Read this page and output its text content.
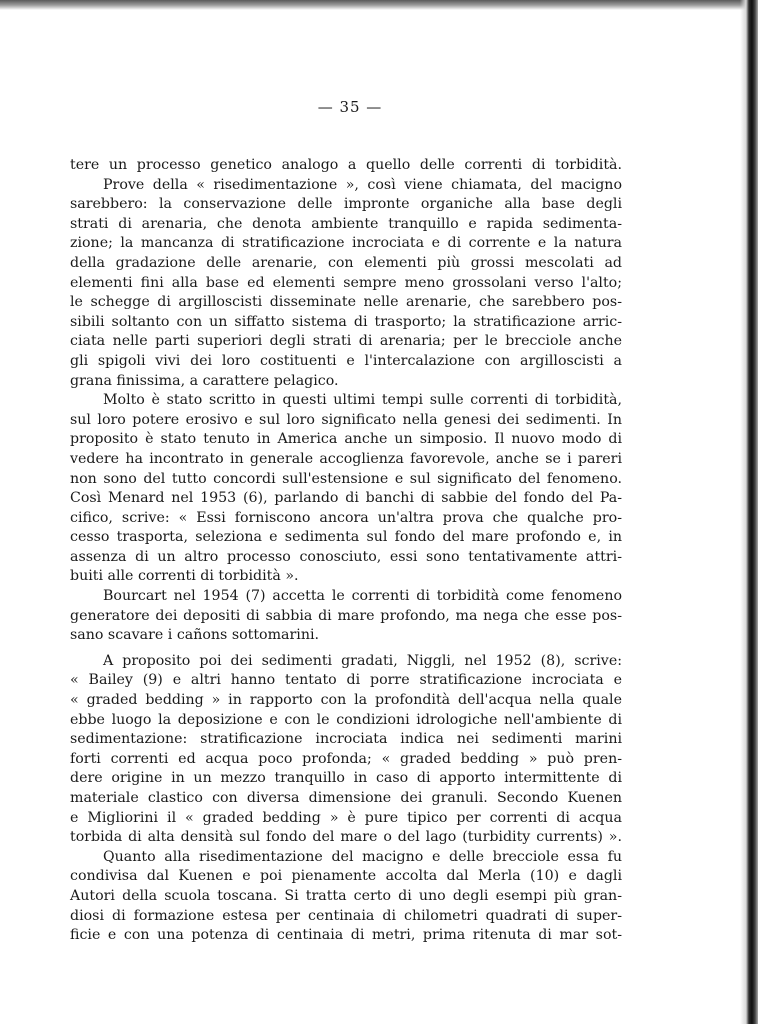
— 35 —
tere un processo genetico analogo a quello delle correnti di torbidità.
Prove della « risedimentazione », così viene chiamata, del macigno
sarebbero: la conservazione delle impronte organiche alla base degli
strati di arenaria, che denota ambiente tranquillo e rapida sedimenta-
zione; la mancanza di stratificazione incrociata e di corrente e la natura
della gradazione delle arenarie, con elementi più grossi mescolati ad
elementi fini alla base ed elementi sempre meno grossolani verso l'alto;
le schegge di argilloscisti disseminate nelle arenarie, che sarebbero pos-
sibili soltanto con un siffatto sistema di trasporto; la stratificazione arric-
ciata nelle parti superiori degli strati di arenaria; per le brecciole anche
gli spigoli vivi dei loro costituenti e l'intercalazione con argilloscisti a
grana finissima, a carattere pelagico.
Molto è stato scritto in questi ultimi tempi sulle correnti di torbidità,
sul loro potere erosivo e sul loro significato nella genesi dei sedimenti. In
proposito è stato tenuto in America anche un simposio. Il nuovo modo di
vedere ha incontrato in generale accoglienza favorevole, anche se i pareri
non sono del tutto concordi sull'estensione e sul significato del fenomeno.
Così Menard nel 1953 (6), parlando di banchi di sabbie del fondo del Pa-
cifico, scrive: « Essi forniscono ancora un'altra prova che qualche pro-
cesso trasporta, seleziona e sedimenta sul fondo del mare profondo e, in
assenza di un altro processo conosciuto, essi sono tentativamente attri-
buiti alle correnti di torbidità ».
Bourcart nel 1954 (7) accetta le correnti di torbidità come fenomeno
generatore dei depositi di sabbia di mare profondo, ma nega che esse pos-
sano scavare i cañons sottomarini.
A proposito poi dei sedimenti gradati, Niggli, nel 1952 (8), scrive:
« Bailey (9) e altri hanno tentato di porre stratificazione incrociata e
« graded bedding » in rapporto con la profondità dell'acqua nella quale
ebbe luogo la deposizione e con le condizioni idrologiche nell'ambiente di
sedimentazione: stratificazione incrociata indica nei sedimenti marini
forti correnti ed acqua poco profonda; « graded bedding » può pren-
dere origine in un mezzo tranquillo in caso di apporto intermittente di
materiale clastico con diversa dimensione dei granuli. Secondo Kuenen
e Migliorini il « graded bedding » è pure tipico per correnti di acqua
torbida di alta densità sul fondo del mare o del lago (turbidity currents) ».
Quanto alla risedimentazione del macigno e delle brecciole essa fu
condivisa dal Kuenen e poi pienamente accolta dal Merla (10) e dagli
Autori della scuola toscana. Si tratta certo di uno degli esempi più gran-
diosi di formazione estesa per centinaia di chilometri quadrati di super-
ficie e con una potenza di centinaia di metri, prima ritenuta di mar sot-
